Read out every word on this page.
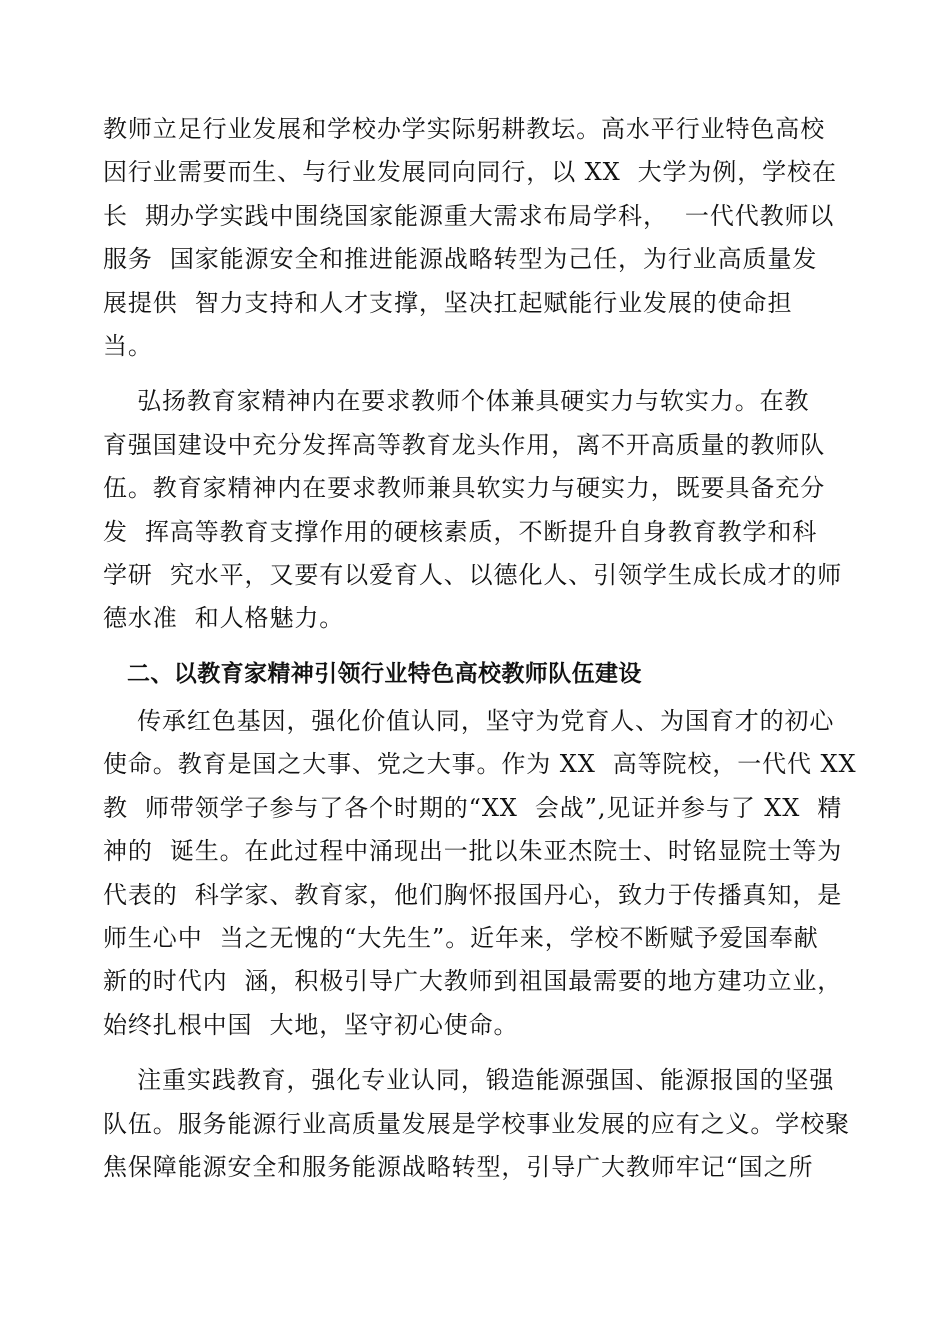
教师立足行业发展和学校办学实际躬耕教坛。高水平行业特色高校
因行业需要而生、与行业发展同向同行，以 XX  大学为例，学校在
长  期办学实践中围绕国家能源重大需求布局学科，  一代代教师以
服务  国家能源安全和推进能源战略转型为己任，为行业高质量发
展提供  智力支持和人才支撑，坚决扛起赋能行业发展的使命担
当。

弘扬教育家精神内在要求教师个体兼具硬实力与软实力。在教
育强国建设中充分发挥高等教育龙头作用，离不开高质量的教师队
伍。教育家精神内在要求教师兼具软实力与硬实力，既要具备充分
发  挥高等教育支撑作用的硬核素质，不断提升自身教育教学和科
学研  究水平，又要有以爱育人、以德化人、引领学生成长成才的师
德水准  和人格魅力。

二、以教育家精神引领行业特色高校教师队伍建设

传承红色基因，强化价值认同，坚守为党育人、为国育才的初心
使命。教育是国之大事、党之大事。作为 XX  高等院校，一代代 XX
教  师带领学子参与了各个时期的“XX  会战”,见证并参与了 XX  精
神的  诞生。在此过程中涌现出一批以朱亚杰院士、时铭显院士等为
代表的  科学家、教育家，他们胸怀报国丹心，致力于传播真知，是
师生心中  当之无愧的“大先生”。近年来，学校不断赋予爱国奉献
新的时代内  涵，积极引导广大教师到祖国最需要的地方建功立业，
始终扎根中国  大地，坚守初心使命。

注重实践教育，强化专业认同，锻造能源强国、能源报国的坚强
队伍。服务能源行业高质量发展是学校事业发展的应有之义。学校聚
焦保障能源安全和服务能源战略转型，引导广大教师牢记“国之所
